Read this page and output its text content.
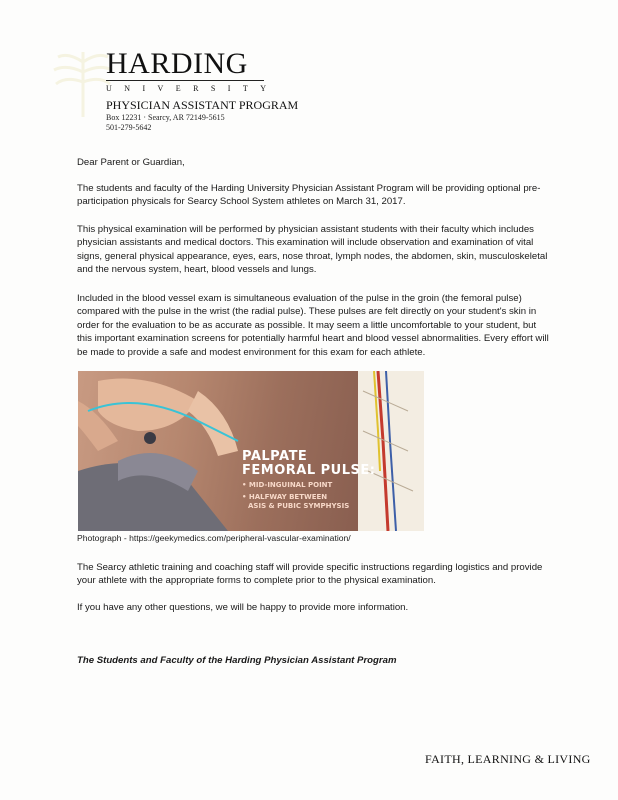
HARDING
U N I V E R S I T Y
PHYSICIAN ASSISTANT PROGRAM
Box 12231 · Searcy, AR 72149-5615
501-279-5642
Dear Parent or Guardian,
The students and faculty of the Harding University Physician Assistant Program will be providing optional pre-participation physicals for Searcy School System athletes on March 31, 2017.
This physical examination will be performed by physician assistant students with their faculty which includes physician assistants and medical doctors. This examination will include observation and examination of vital signs, general physical appearance, eyes, ears, nose throat, lymph nodes, the abdomen, skin, musculoskeletal and the nervous system, heart, blood vessels and lungs.
Included in the blood vessel exam is simultaneous evaluation of the pulse in the groin (the femoral pulse) compared with the pulse in the wrist (the radial pulse). These pulses are felt directly on your student's skin in order for the evaluation to be as accurate as possible. It may seem a little uncomfortable to your student, but this important examination screens for potentially harmful heart and blood vessel abnormalities. Every effort will be made to provide a safe and modest environment for this exam for each athlete.
PALPATE
FEMORAL PULSE:
• MID-INGUINAL POINT
• HALFWAY BETWEEN
ASIS & PUBIC SYMPHYSIS
Photograph - https://geekymedics.com/peripheral-vascular-examination/
The Searcy athletic training and coaching staff will provide specific instructions regarding logistics and provide your athlete with the appropriate forms to complete prior to the physical examination.
If you have any other questions, we will be happy to provide more information.
The Students and Faculty of the Harding Physician Assistant Program
FAITH, LEARNING & LIVING
